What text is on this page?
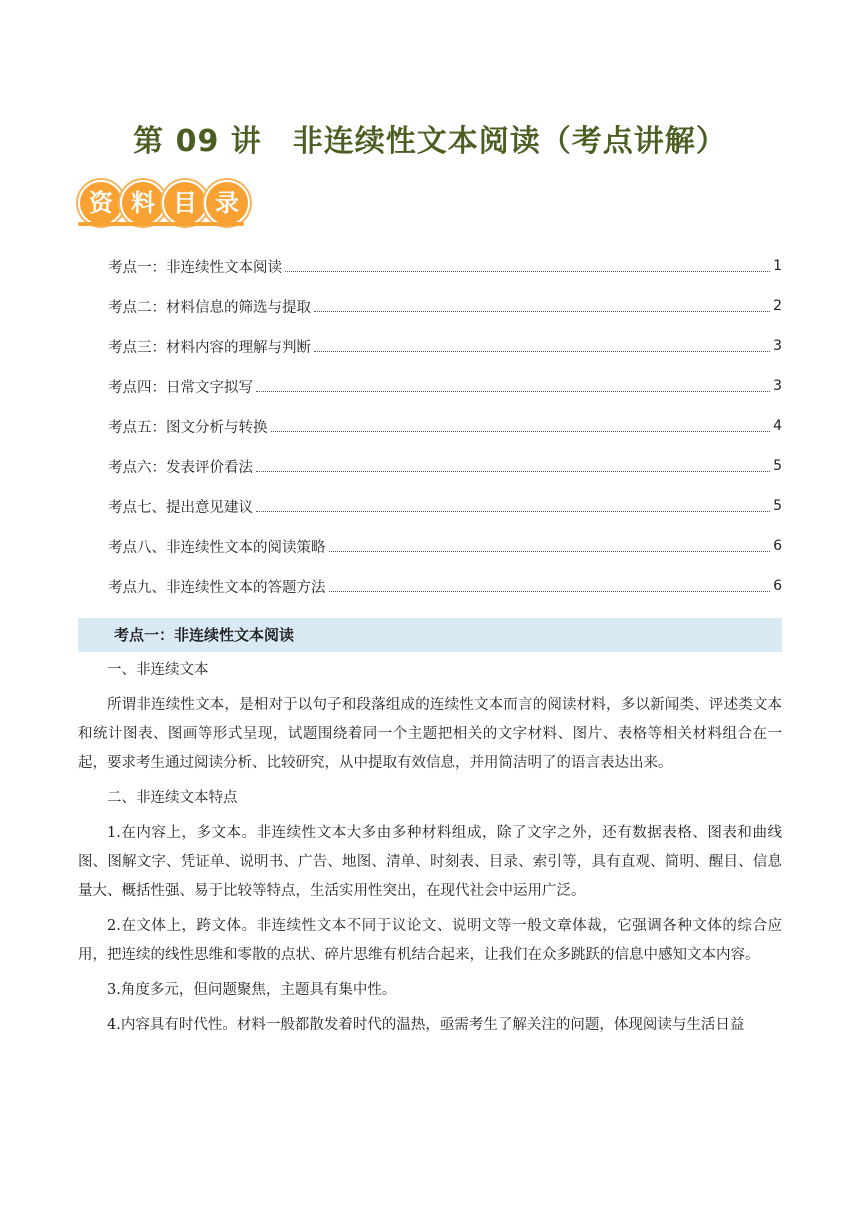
第 09 讲　非连续性文本阅读（考点讲解）
资 料 目 录
考点一：非连续性文本阅读	1
考点二：材料信息的筛选与提取	2
考点三：材料内容的理解与判断	3
考点四：日常文字拟写	3
考点五：图文分析与转换	4
考点六：发表评价看法	5
考点七、提出意见建议	5
考点八、非连续性文本的阅读策略	6
考点九、非连续性文本的答题方法	6
考点一：非连续性文本阅读

一、非连续文本

所谓非连续性文本，是相对于以句子和段落组成的连续性文本而言的阅读材料，多以新闻类、评述类文本和统计图表、图画等形式呈现，试题围绕着同一个主题把相关的文字材料、图片、表格等相关材料组合在一起，要求考生通过阅读分析、比较研究，从中提取有效信息，并用简洁明了的语言表达出来。

二、非连续文本特点

1.在内容上，多文本。非连续性文本大多由多种材料组成，除了文字之外，还有数据表格、图表和曲线图、图解文字、凭证单、说明书、广告、地图、清单、时刻表、目录、索引等，具有直观、简明、醒目、信息量大、概括性强、易于比较等特点，生活实用性突出，在现代社会中运用广泛。

2.在文体上，跨文体。非连续性文本不同于议论文、说明文等一般文章体裁，它强调各种文体的综合应用，把连续的线性思维和零散的点状、碎片思维有机结合起来，让我们在众多跳跃的信息中感知文本内容。

3.角度多元，但问题聚焦，主题具有集中性。

4.内容具有时代性。材料一般都散发着时代的温热，亟需考生了解关注的问题，体现阅读与生活日益
